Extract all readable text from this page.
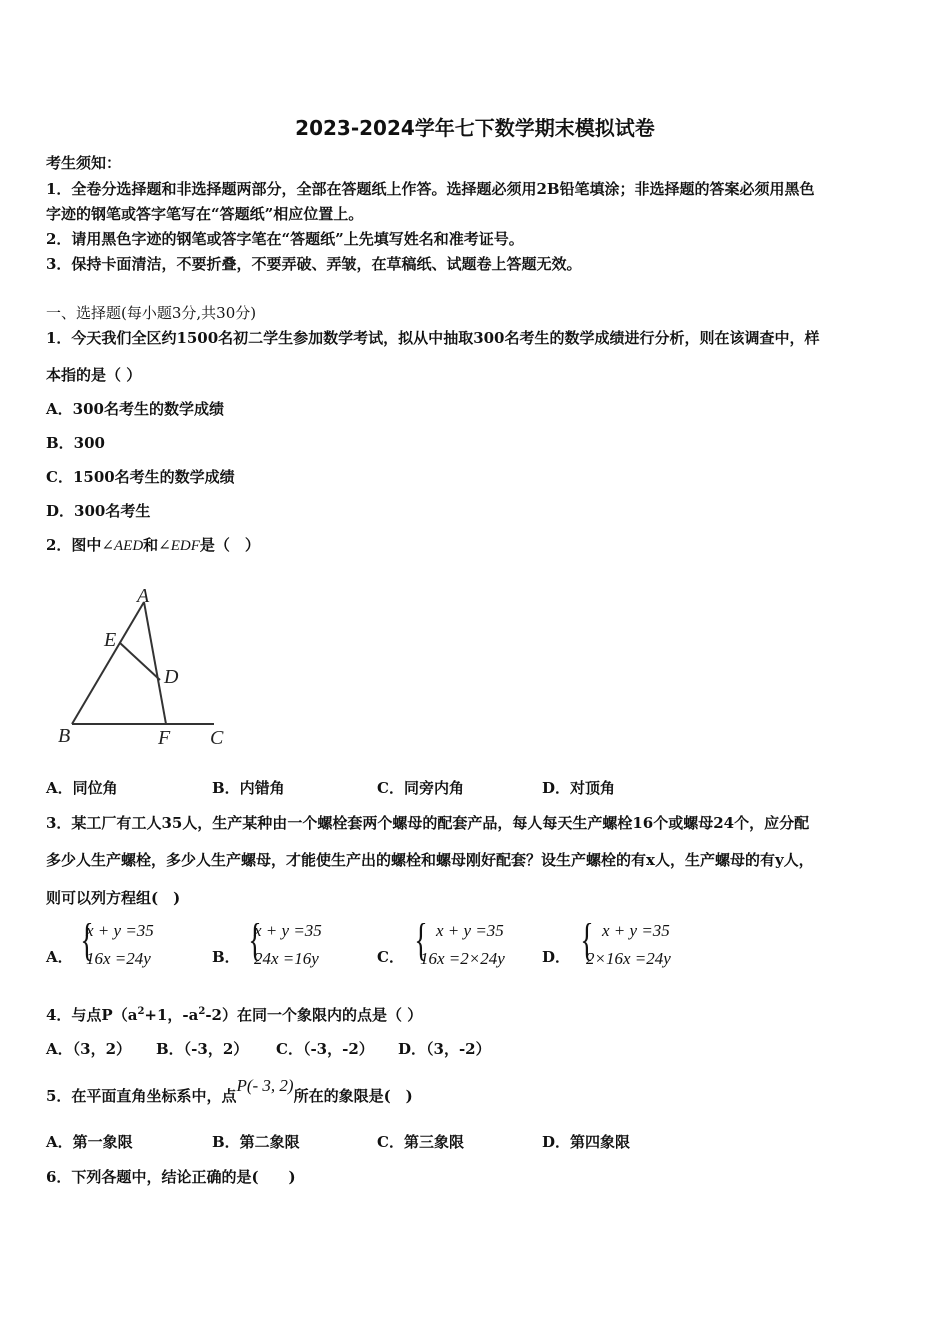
2023-2024学年七下数学期末模拟试卷
考生须知：
1．全卷分选择题和非选择题两部分，全部在答题纸上作答。选择题必须用2B铅笔填涂；非选择题的答案必须用黑色
字迹的钢笔或答字笔写在“答题纸”相应位置上。
2．请用黑色字迹的钢笔或答字笔在“答题纸”上先填写姓名和准考证号。
3．保持卡面清洁，不要折叠，不要弄破、弄皱，在草稿纸、试题卷上答题无效。
一、选择题(每小题3分,共30分)
1．今天我们全区约1500名初二学生参加数学考试，拟从中抽取300名考生的数学成绩进行分析，则在该调查中，样
本指的是（ ）
A．300名考生的数学成绩
B．300
C．1500名考生的数学成绩
D．300名考生
2．图中∠AED和∠EDF是（　）
A
E
D
B	F C
A．同位角	B．内错角	C．同旁内角	D．对顶角
3．某工厂有工人35人，生产某种由一个螺栓套两个螺母的配套产品，每人每天生产螺栓16个或螺母24个，应分配
多少人生产螺栓，多少人生产螺母，才能使生产出的螺栓和螺母刚好配套？设生产螺栓的有x人，生产螺母的有y人，
则可以列方程组(　)
A． {
x + y =35
16x =24y	B． {
x + y =35
24x =16y	C． { x + y =35
16x =2×24y D． { x + y =35
2×16x =24y
4．与点$P(a^2+1$，$-a^2-2$）在同一个象限内的点是（ ）
A．（3，2） B．（-3，2） C．（-3，-2） D．（3，-2）
5．在平面直角坐标系中，点P(- 3, 2)所在的象限是(　)
A．第一象限	B．第二象限	C．第三象限	D．第四象限
6．下列各题中，结论正确的是(　　)
